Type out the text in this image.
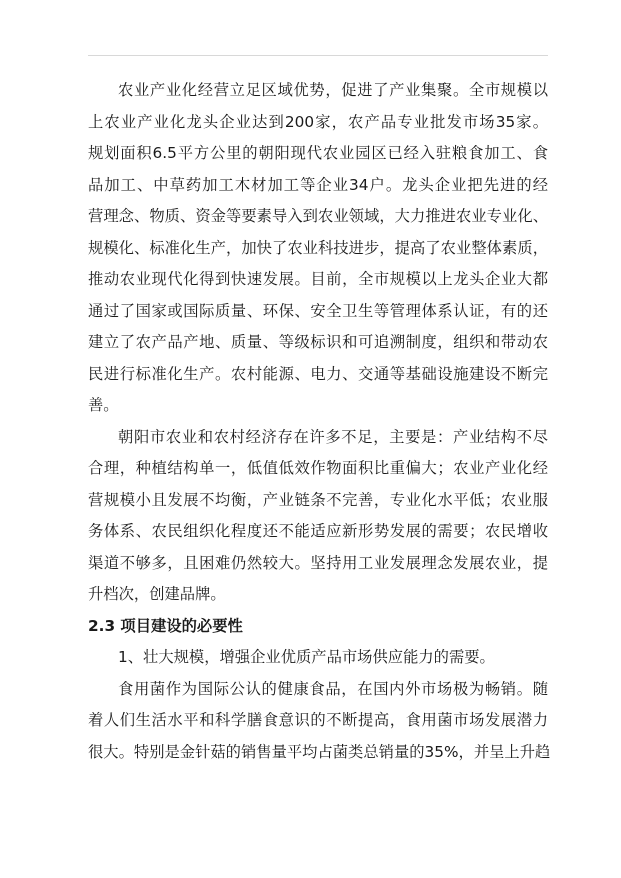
农业产业化经营立足区域优势，促进了产业集聚。全市规模以
上农业产业化龙头企业达到200家，农产品专业批发市场35家。
规划面积6.5平方公里的朝阳现代农业园区已经入驻粮食加工、食
品加工、中草药加工木材加工等企业34户。龙头企业把先进的经
营理念、物质、资金等要素导入到农业领域，大力推进农业专业化、
规模化、标准化生产，加快了农业科技进步，提高了农业整体素质，
推动农业现代化得到快速发展。目前，全市规模以上龙头企业大都
通过了国家或国际质量、环保、安全卫生等管理体系认证，有的还
建立了农产品产地、质量、等级标识和可追溯制度，组织和带动农
民进行标准化生产。农村能源、电力、交通等基础设施建设不断完
善。
朝阳市农业和农村经济存在许多不足，主要是：产业结构不尽
合理，种植结构单一，低值低效作物面积比重偏大；农业产业化经
营规模小且发展不均衡，产业链条不完善，专业化水平低；农业服
务体系、农民组织化程度还不能适应新形势发展的需要；农民增收
渠道不够多，且困难仍然较大。坚持用工业发展理念发展农业，提
升档次，创建品牌。
2.3 项目建设的必要性
1、壮大规模，增强企业优质产品市场供应能力的需要。
食用菌作为国际公认的健康食品，在国内外市场极为畅销。随
着人们生活水平和科学膳食意识的不断提高，食用菌市场发展潜力
很大。特别是金针菇的销售量平均占菌类总销量的35%，并呈上升趋
